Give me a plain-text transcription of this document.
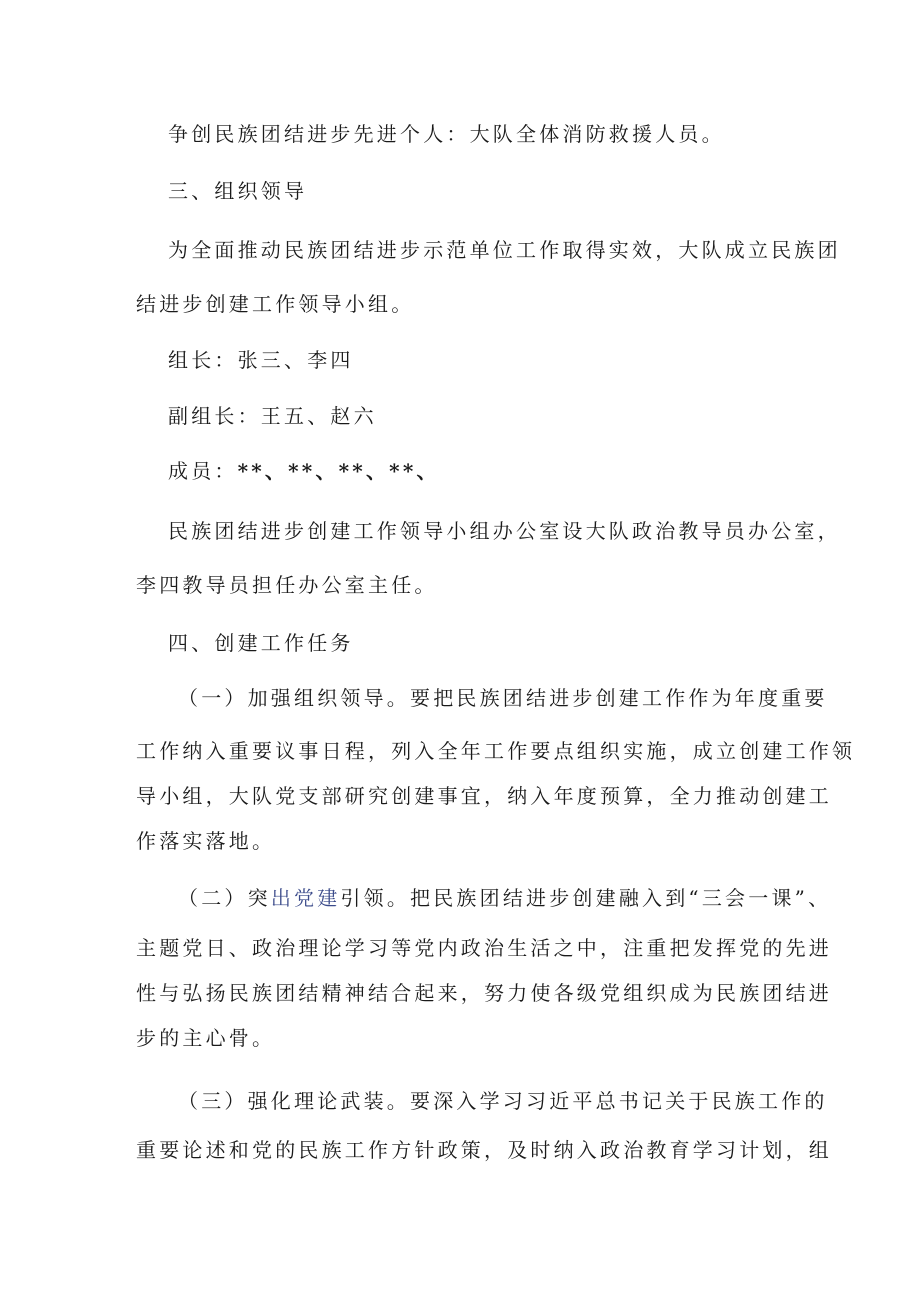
争创民族团结进步先进个人：大队全体消防救援人员。
三、组织领导
为全面推动民族团结进步示范单位工作取得实效，大队成立民族团
结进步创建工作领导小组。
组长：张三、李四
副组长：王五、赵六
成员：**、**、**、**、
民族团结进步创建工作领导小组办公室设大队政治教导员办公室，
李四教导员担任办公室主任。
四、创建工作任务
（一）加强组织领导。要把民族团结进步创建工作作为年度重要
工作纳入重要议事日程，列入全年工作要点组织实施，成立创建工作领
导小组，大队党支部研究创建事宜，纳入年度预算，全力推动创建工
作落实落地。
（二）突出党建引领。把民族团结进步创建融入到“三会一课”、
主题党日、政治理论学习等党内政治生活之中，注重把发挥党的先进
性与弘扬民族团结精神结合起来，努力使各级党组织成为民族团结进
步的主心骨。
（三）强化理论武装。要深入学习习近平总书记关于民族工作的
重要论述和党的民族工作方针政策，及时纳入政治教育学习计划，组
